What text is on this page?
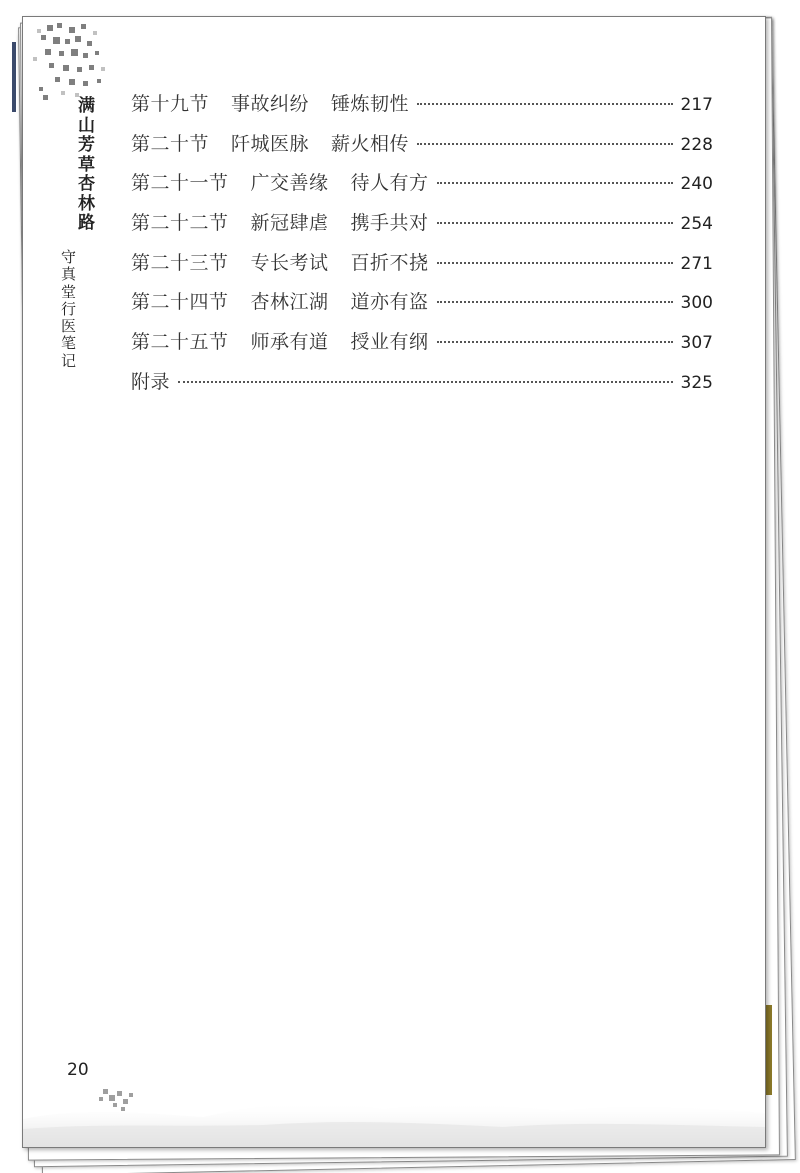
满
山
芳
草
杏
林
路
守
真
堂
行
医
笔
记
第十九节 事故纠纷 锤炼韧性	217
第二十节 阡城医脉 薪火相传	228
第二十一节 广交善缘 待人有方	240
第二十二节 新冠肆虐 携手共对	254
第二十三节 专长考试 百折不挠	271
第二十四节 杏林江湖 道亦有盗	300
第二十五节 师承有道 授业有纲	307
附录	325
20
